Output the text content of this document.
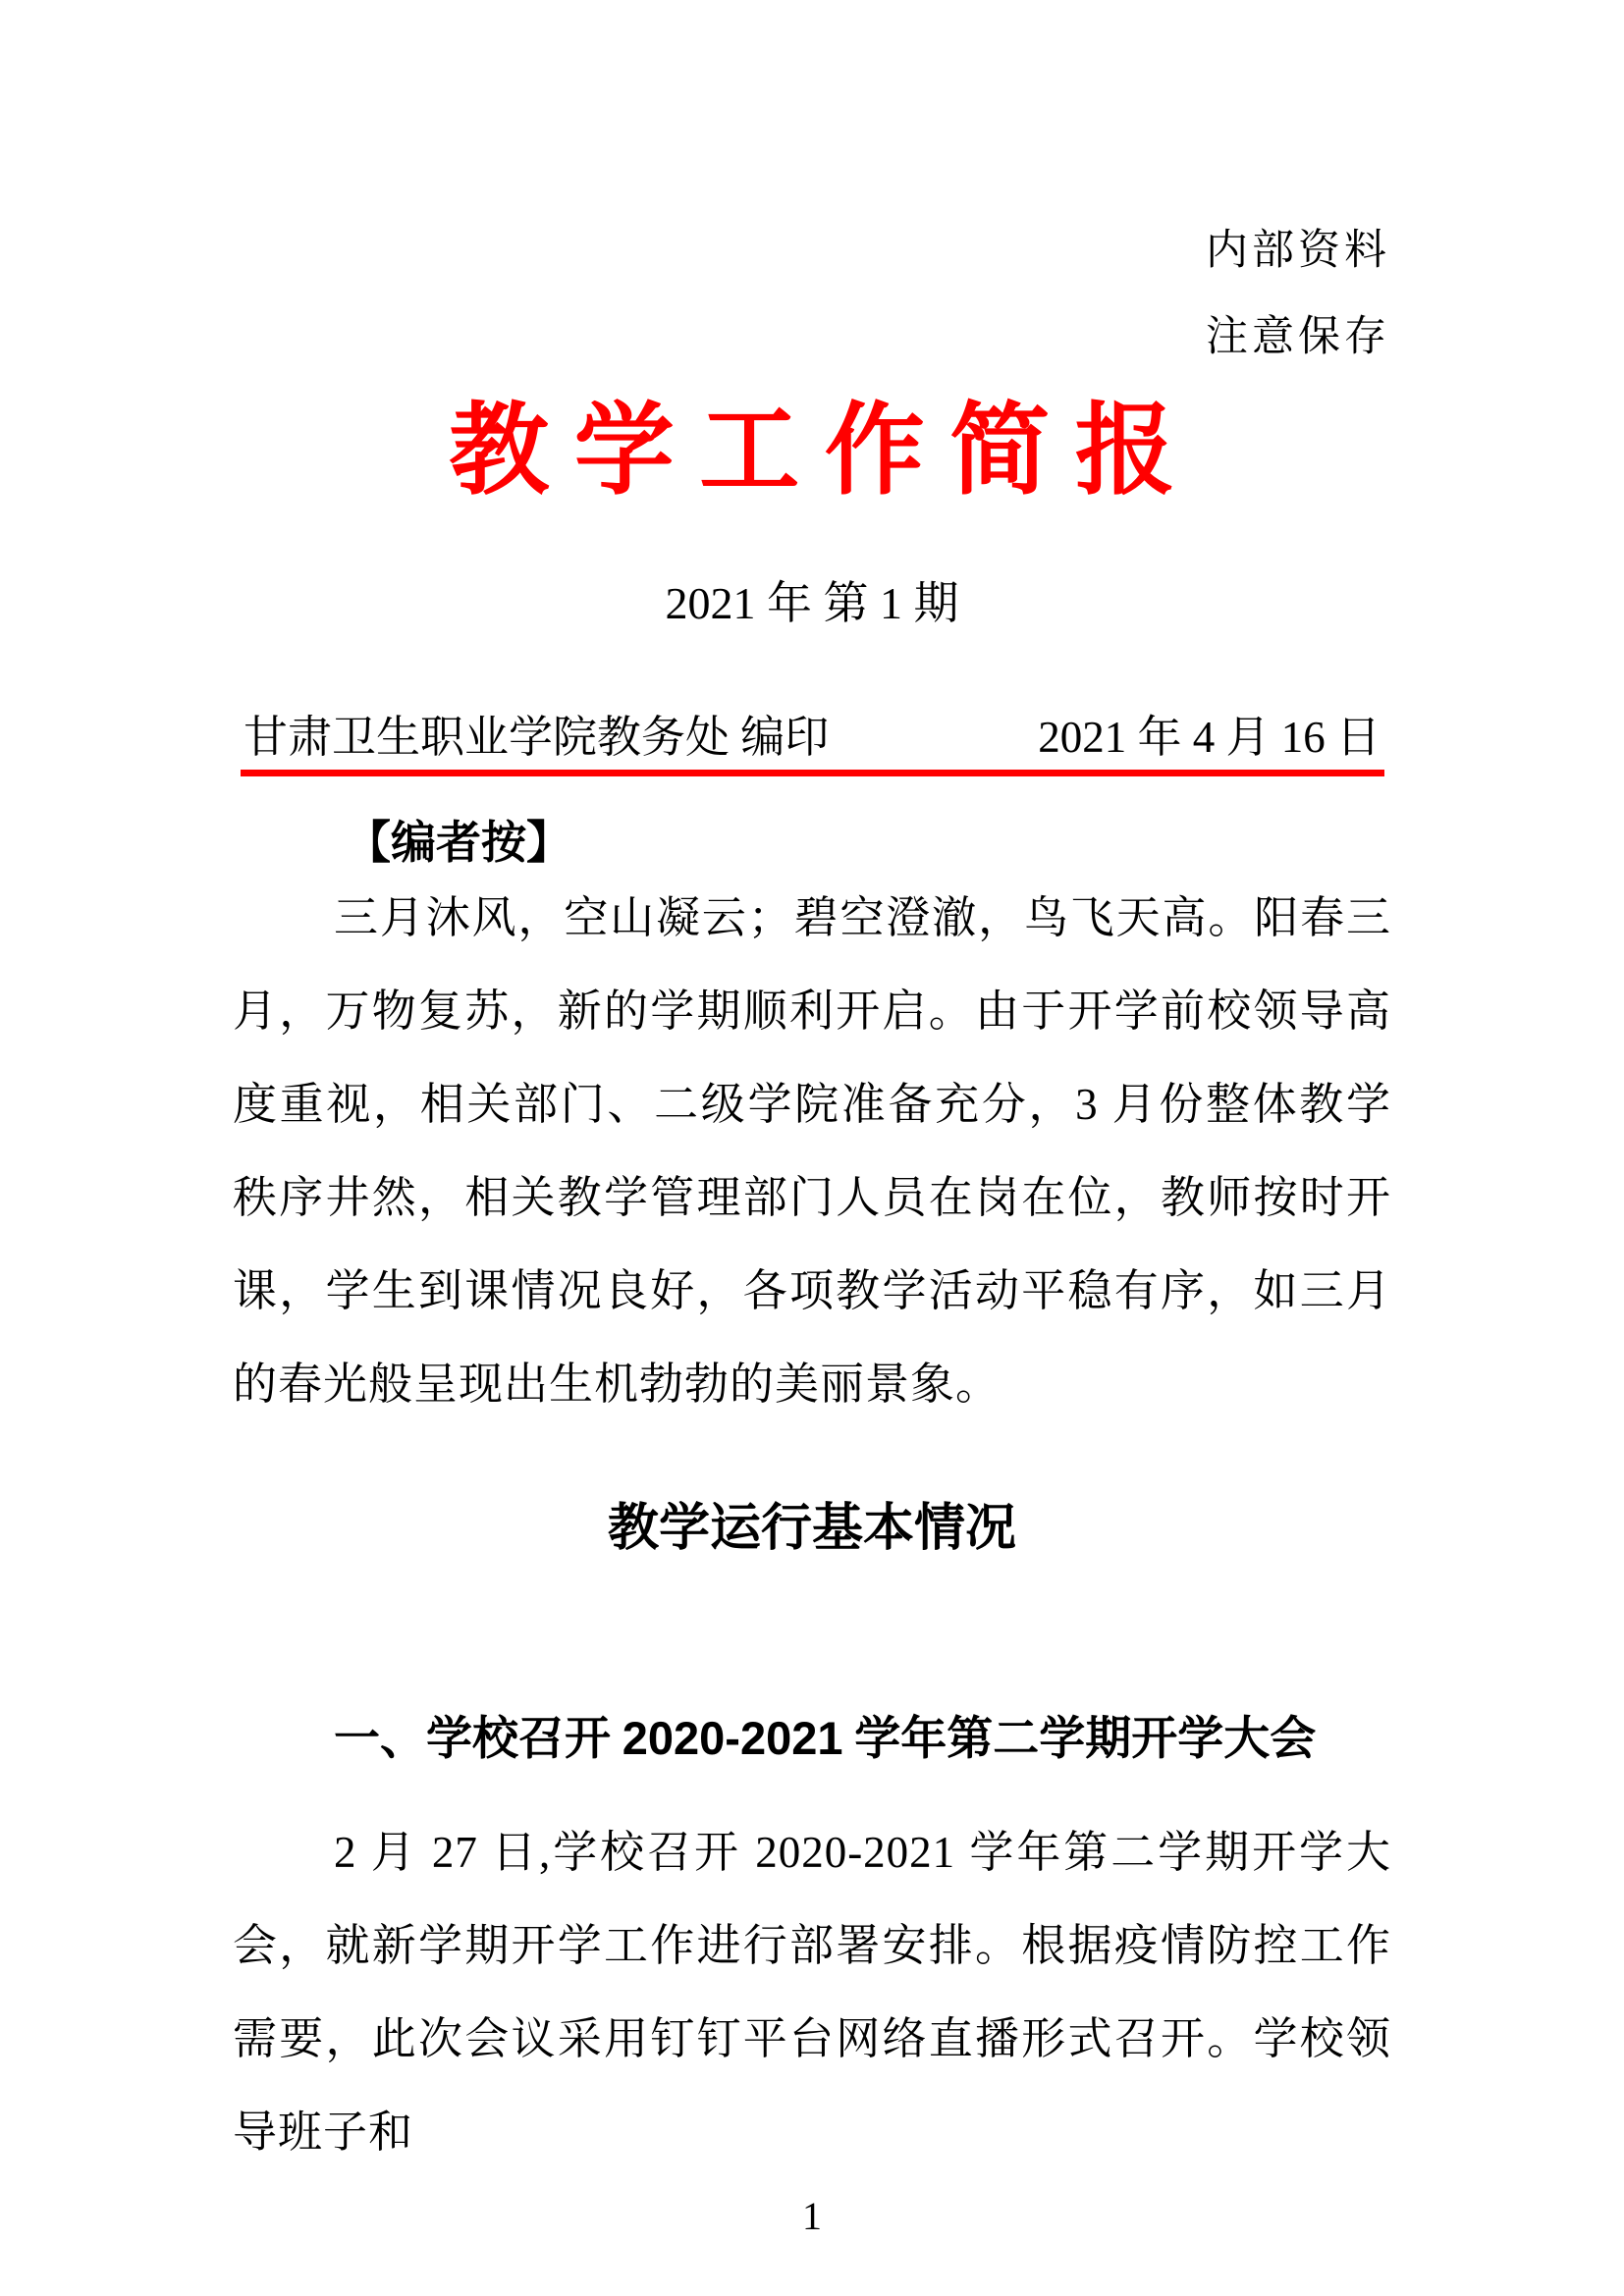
内部资料
注意保存
教 学 工 作 简 报
2021 年 第 1 期
甘肃卫生职业学院教务处 编印	2021 年 4 月 16 日
【编者按】

三月沐风，空山凝云；碧空澄澈，鸟飞天高。阳春三月，万物复苏，新的学期顺利开启。由于开学前校领导高度重视，相关部门、二级学院准备充分，3 月份整体教学秩序井然，相关教学管理部门人员在岗在位，教师按时开课，学生到课情况良好，各项教学活动平稳有序，如三月的春光般呈现出生机勃勃的美丽景象。

教学运行基本情况
一、学校召开 2020-2021 学年第二学期开学大会

2 月 27 日,学校召开 2020-2021 学年第二学期开学大会，就新学期开学工作进行部署安排。根据疫情防控工作需要，此次会议采用钉钉平台网络直播形式召开。学校领导班子和

1
